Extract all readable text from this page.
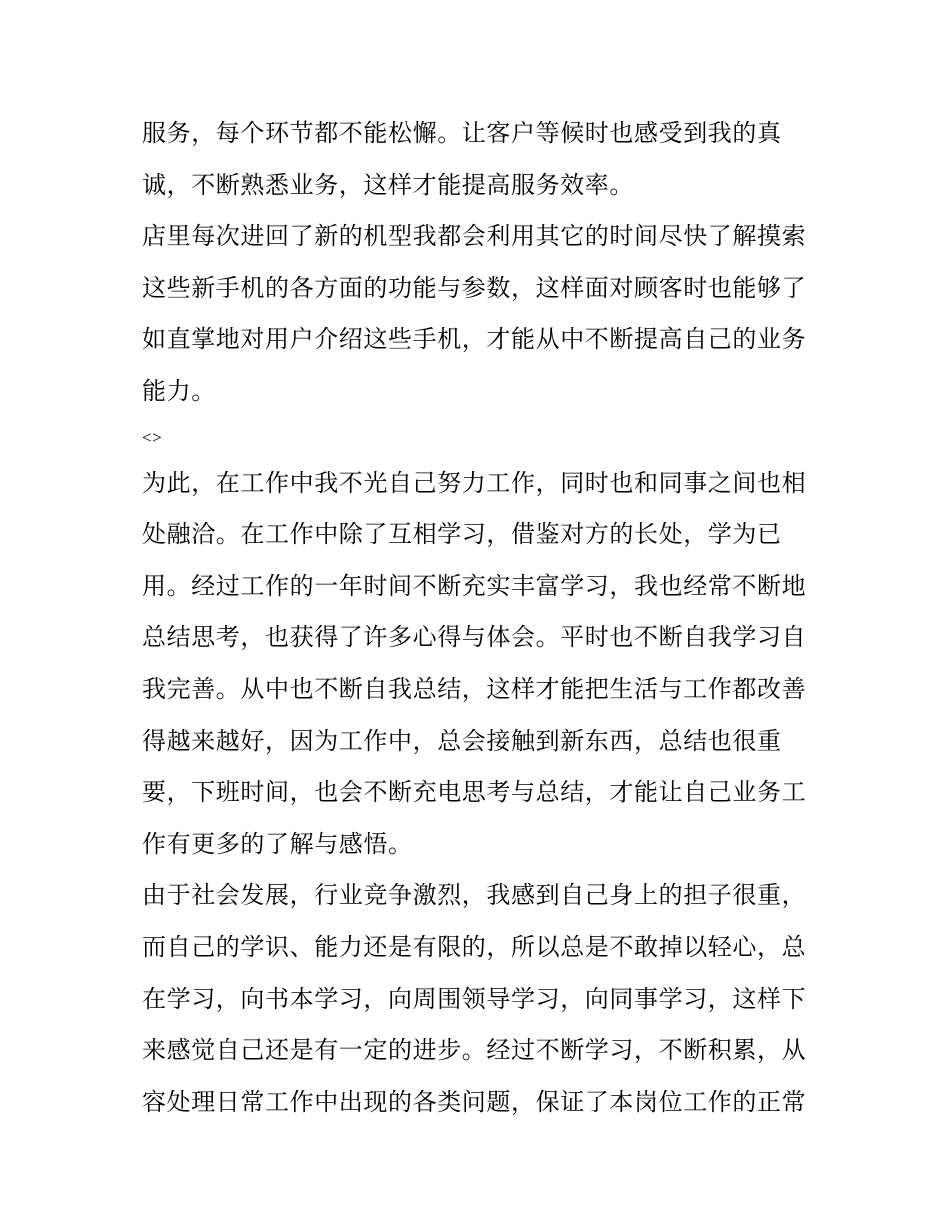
服务，每个环节都不能松懈。让客户等候时也感受到我的真
诚，不断熟悉业务，这样才能提高服务效率。
店里每次进回了新的机型我都会利用其它的时间尽快了解摸索
这些新手机的各方面的功能与参数，这样面对顾客时也能够了
如直掌地对用户介绍这些手机，才能从中不断提高自己的业务
能力。
<>
为此，在工作中我不光自己努力工作，同时也和同事之间也相
处融洽。在工作中除了互相学习，借鉴对方的长处，学为已
用。经过工作的一年时间不断充实丰富学习，我也经常不断地
总结思考，也获得了许多心得与体会。平时也不断自我学习自
我完善。从中也不断自我总结，这样才能把生活与工作都改善
得越来越好，因为工作中，总会接触到新东西，总结也很重
要，下班时间，也会不断充电思考与总结，才能让自己业务工
作有更多的了解与感悟。
由于社会发展，行业竞争激烈，我感到自己身上的担子很重，
而自己的学识、能力还是有限的，所以总是不敢掉以轻心，总
在学习，向书本学习，向周围领导学习，向同事学习，这样下
来感觉自己还是有一定的进步。经过不断学习，不断积累，从
容处理日常工作中出现的各类问题，保证了本岗位工作的正常
